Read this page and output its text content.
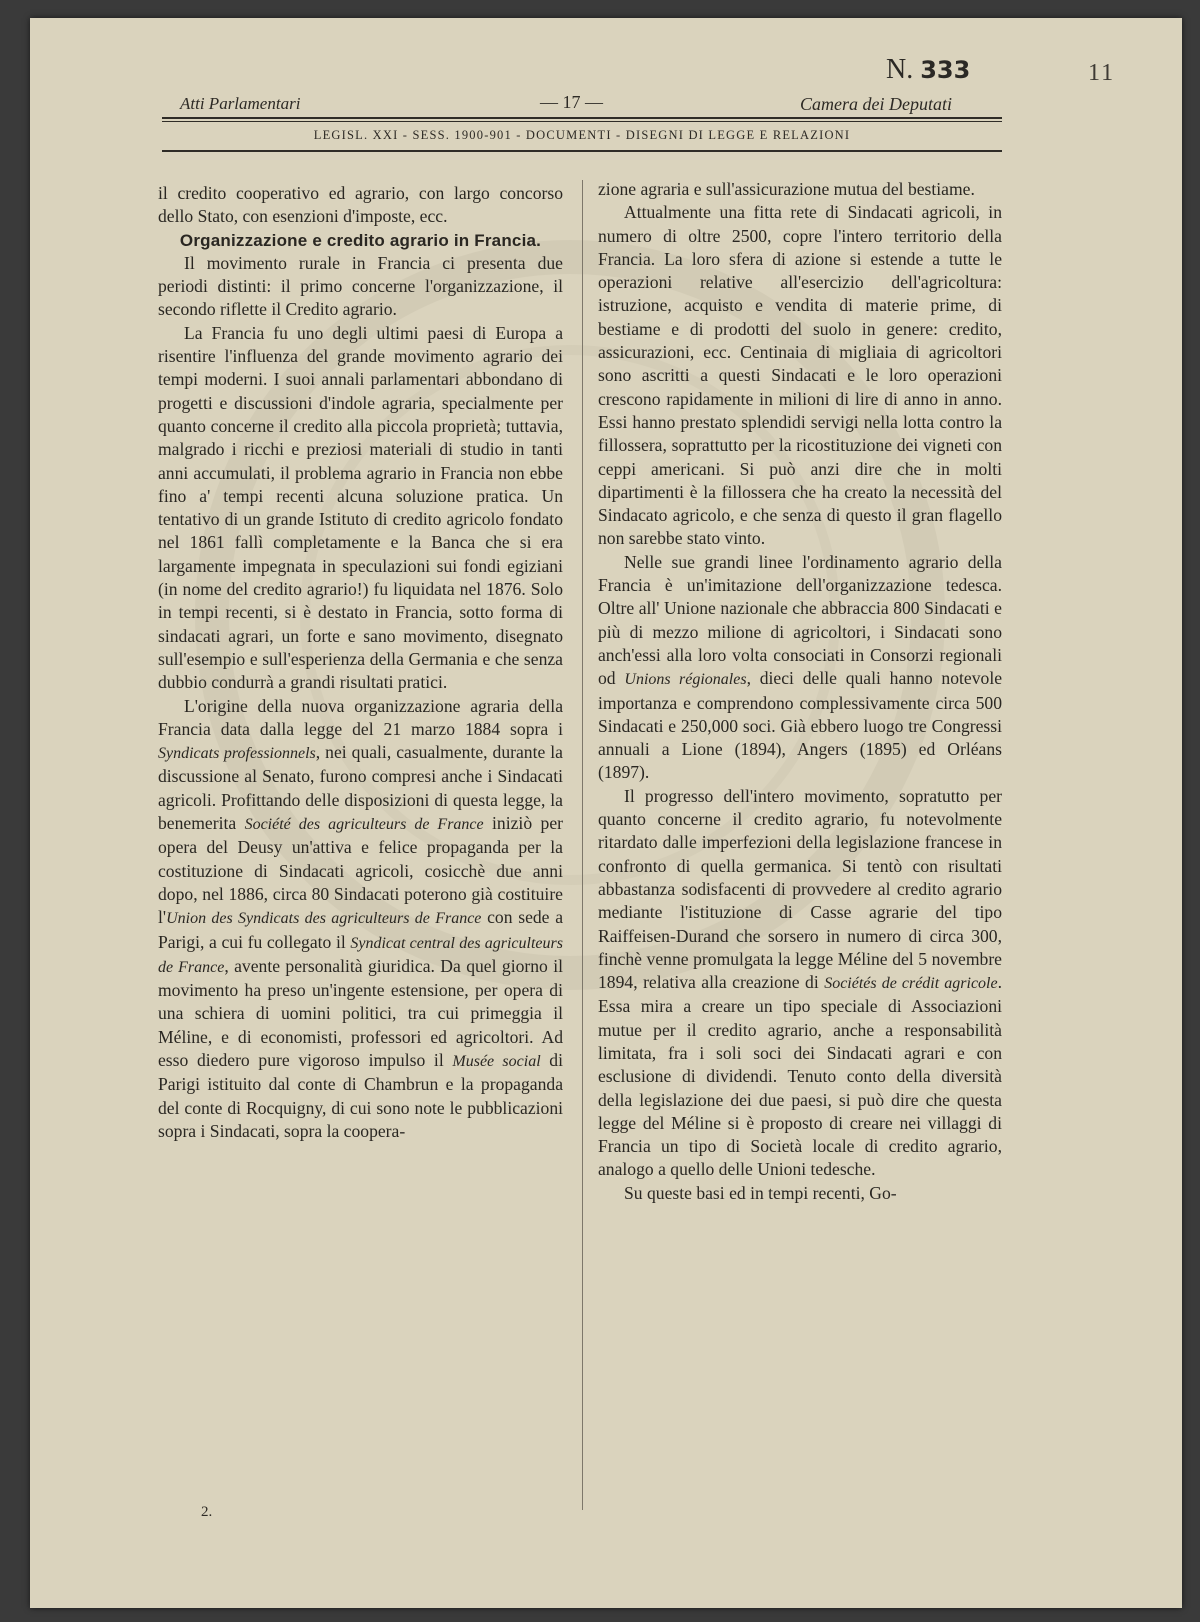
11
N. 333
Atti Parlamentari	— 17 —	Camera dei Deputati
LEGISL. XXI - SESS. 1900-901 - DOCUMENTI - DISEGNI DI LEGGE E RELAZIONI

il credito cooperativo ed agrario, con largo concorso dello Stato, con esenzioni d'imposte, ecc.

Organizzazione e credito agrario in Francia.

Il movimento rurale in Francia ci presenta due periodi distinti: il primo concerne l'organizzazione, il secondo riflette il Credito agrario.

La Francia fu uno degli ultimi paesi di Europa a risentire l'influenza del grande movimento agrario dei tempi moderni. I suoi annali parlamentari abbondano di progetti e discussioni d'indole agraria, specialmente per quanto concerne il credito alla piccola proprietà; tuttavia, malgrado i ricchi e preziosi materiali di studio in tanti anni accumulati, il problema agrario in Francia non ebbe fino a' tempi recenti alcuna soluzione pratica. Un tentativo di un grande Istituto di credito agricolo fondato nel 1861 fallì completamente e la Banca che si era largamente impegnata in speculazioni sui fondi egiziani (in nome del credito agrario!) fu liquidata nel 1876. Solo in tempi recenti, si è destato in Francia, sotto forma di sindacati agrari, un forte e sano movimento, disegnato sull'esempio e sull'esperienza della Germania e che senza dubbio condurrà a grandi risultati pratici.

L'origine della nuova organizzazione agraria della Francia data dalla legge del 21 marzo 1884 sopra i Syndicats professionnels, nei quali, casualmente, durante la discussione al Senato, furono compresi anche i Sindacati agricoli. Profittando delle disposizioni di questa legge, la benemerita Société des agriculteurs de France iniziò per opera del Deusy un'attiva e felice propaganda per la costituzione di Sindacati agricoli, cosicchè due anni dopo, nel 1886, circa 80 Sindacati poterono già costituire l'Union des Syndicats des agriculteurs de France con sede a Parigi, a cui fu collegato il Syndicat central des agriculteurs de France, avente personalità giuridica. Da quel giorno il movimento ha preso un'ingente estensione, per opera di una schiera di uomini politici, tra cui primeggia il Méline, e di economisti, professori ed agricoltori. Ad esso diedero pure vigoroso impulso il Musée social di Parigi istituito dal conte di Chambrun e la propaganda del conte di Rocquigny, di cui sono note le pubblicazioni sopra i Sindacati, sopra la coopera-

zione agraria e sull'assicurazione mutua del bestiame.

Attualmente una fitta rete di Sindacati agricoli, in numero di oltre 2500, copre l'intero territorio della Francia. La loro sfera di azione si estende a tutte le operazioni relative all'esercizio dell'agricoltura: istruzione, acquisto e vendita di materie prime, di bestiame e di prodotti del suolo in genere: credito, assicurazioni, ecc. Centinaia di migliaia di agricoltori sono ascritti a questi Sindacati e le loro operazioni crescono rapidamente in milioni di lire di anno in anno. Essi hanno prestato splendidi servigi nella lotta contro la fillossera, soprattutto per la ricostituzione dei vigneti con ceppi americani. Si può anzi dire che in molti dipartimenti è la fillossera che ha creato la necessità del Sindacato agricolo, e che senza di questo il gran flagello non sarebbe stato vinto.

Nelle sue grandi linee l'ordinamento agrario della Francia è un'imitazione dell'organizzazione tedesca. Oltre all' Unione nazionale che abbraccia 800 Sindacati e più di mezzo milione di agricoltori, i Sindacati sono anch'essi alla loro volta consociati in Consorzi regionali od Unions régionales, dieci delle quali hanno notevole importanza e comprendono complessivamente circa 500 Sindacati e 250,000 soci. Già ebbero luogo tre Congressi annuali a Lione (1894), Angers (1895) ed Orléans (1897).

Il progresso dell'intero movimento, sopratutto per quanto concerne il credito agrario, fu notevolmente ritardato dalle imperfezioni della legislazione francese in confronto di quella germanica. Si tentò con risultati abbastanza sodisfacenti di provvedere al credito agrario mediante l'istituzione di Casse agrarie del tipo Raiffeisen-Durand che sorsero in numero di circa 300, finchè venne promulgata la legge Méline del 5 novembre 1894, relativa alla creazione di Sociétés de crédit agricole. Essa mira a creare un tipo speciale di Associazioni mutue per il credito agrario, anche a responsabilità limitata, fra i soli soci dei Sindacati agrari e con esclusione di dividendi. Tenuto conto della diversità della legislazione dei due paesi, si può dire che questa legge del Méline si è proposto di creare nei villaggi di Francia un tipo di Società locale di credito agrario, analogo a quello delle Unioni tedesche.

Su queste basi ed in tempi recenti, Go-

2.
